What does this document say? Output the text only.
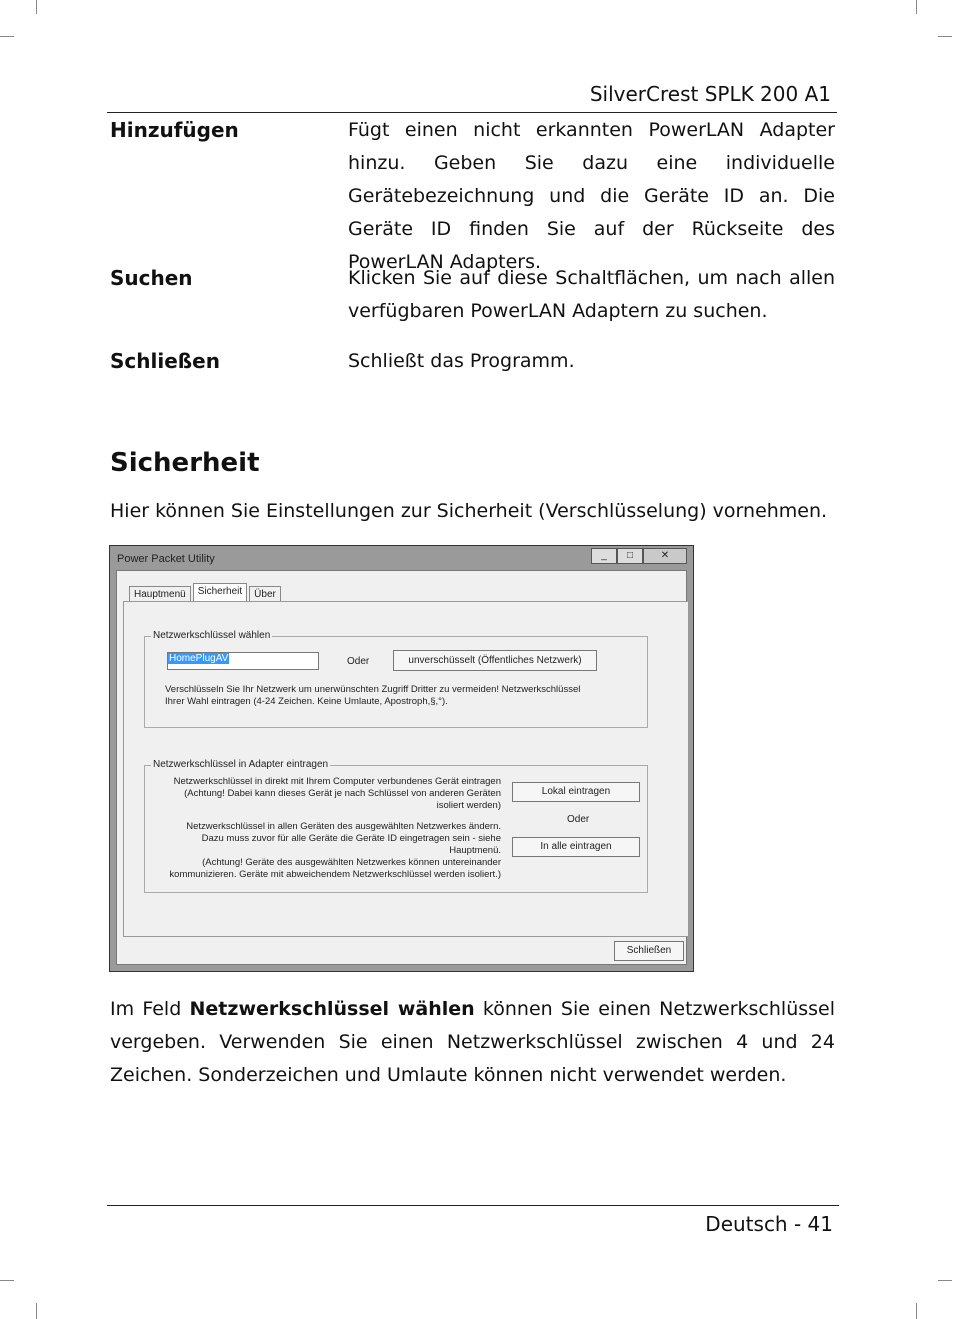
SilverCrest SPLK 200 A1
Hinzufügen	Fügt einen nicht erkannten PowerLAN Adapter hinzu. Geben Sie dazu eine individuelle Gerätebezeichnung und die Geräte ID an. Die Geräte ID finden Sie auf der Rückseite des PowerLAN Adapters.
Suchen	Klicken Sie auf diese Schaltflächen, um nach allen verfügbaren PowerLAN Adaptern zu suchen.
Schließen	Schließt das Programm.
Sicherheit
Hier können Sie Einstellungen zur Sicherheit (Verschlüsselung) vornehmen.
Power Packet Utility	_	□	✕
Hauptmenü	Sicherheit	Über
Netzwerkschlüssel wählen
HomePlugAV	Oder	unverschüsselt (Öffentliches Netzwerk)
Verschlüsseln Sie Ihr Netzwerk um unerwünschten Zugriff Dritter zu vermeiden! Netzwerkschlüssel
Ihrer Wahl eintragen (4-24 Zeichen. Keine Umlaute, Apostroph,§,°).
Netzwerkschlüssel in Adapter eintragen
Netzwerkschlüssel in direkt mit Ihrem Computer verbundenes Gerät eintragen
(Achtung! Dabei kann dieses Gerät je nach Schlüssel von anderen Geräten
isoliert werden)
Netzwerkschlüssel in allen Geräten des ausgewählten Netzwerkes ändern.
Dazu muss zuvor für alle Geräte die Geräte ID eingetragen sein - siehe
Hauptmenü.
(Achtung! Geräte des ausgewählten Netzwerkes können untereinander
kommunizieren. Geräte mit abweichendem Netzwerkschlüssel werden isoliert.)
Lokal eintragen
Oder
In alle eintragen
Schließen
Im Feld Netzwerkschlüssel wählen können Sie einen Netzwerkschlüssel vergeben. Verwenden Sie einen Netzwerkschlüssel zwischen 4 und 24 Zeichen. Sonderzeichen und Umlaute können nicht verwendet werden.
Deutsch - 41
